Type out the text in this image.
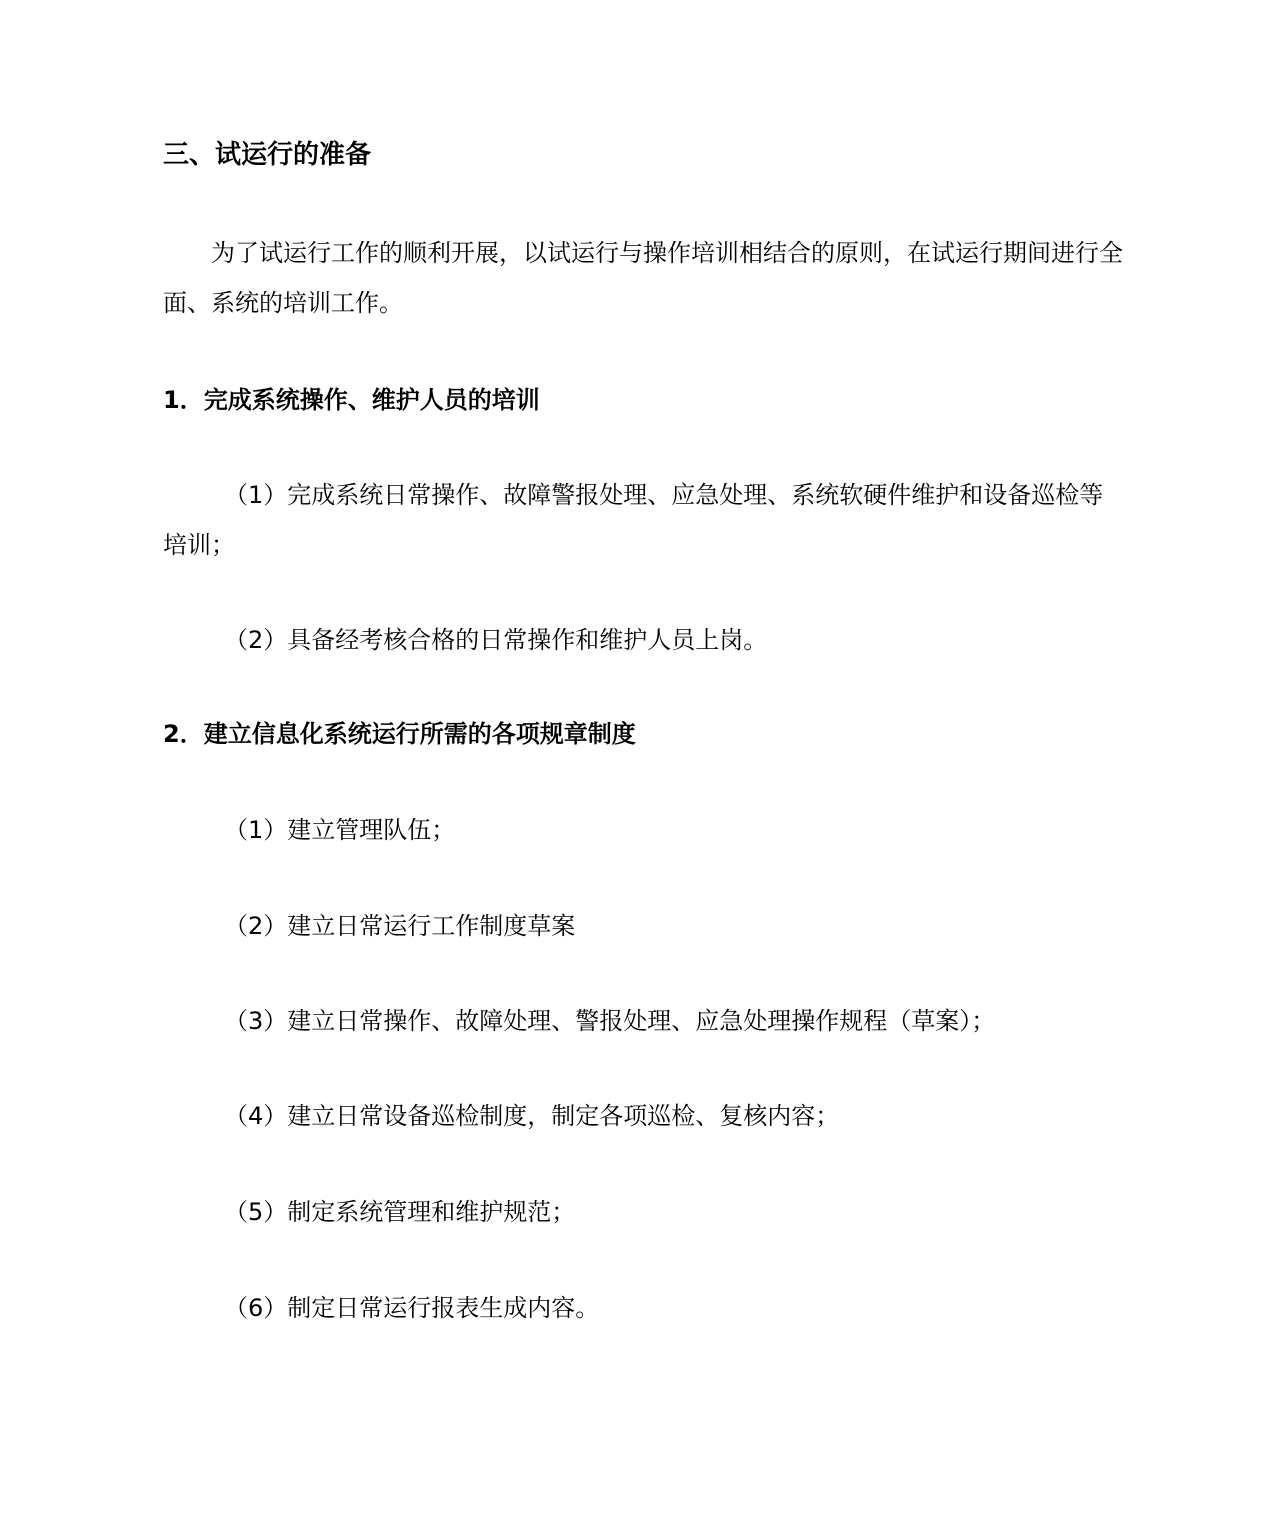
三、试运行的准备
为了试运行工作的顺利开展，以试运行与操作培训相结合的原则，在试运行期间进行全面、系统的培训工作。
1．完成系统操作、维护人员的培训
（1）完成系统日常操作、故障警报处理、应急处理、系统软硬件维护和设备巡检等培训；
（2）具备经考核合格的日常操作和维护人员上岗。
2．建立信息化系统运行所需的各项规章制度
（1）建立管理队伍；
（2）建立日常运行工作制度草案
（3）建立日常操作、故障处理、警报处理、应急处理操作规程（草案）；
（4）建立日常设备巡检制度，制定各项巡检、复核内容；
（5）制定系统管理和维护规范；
（6）制定日常运行报表生成内容。
